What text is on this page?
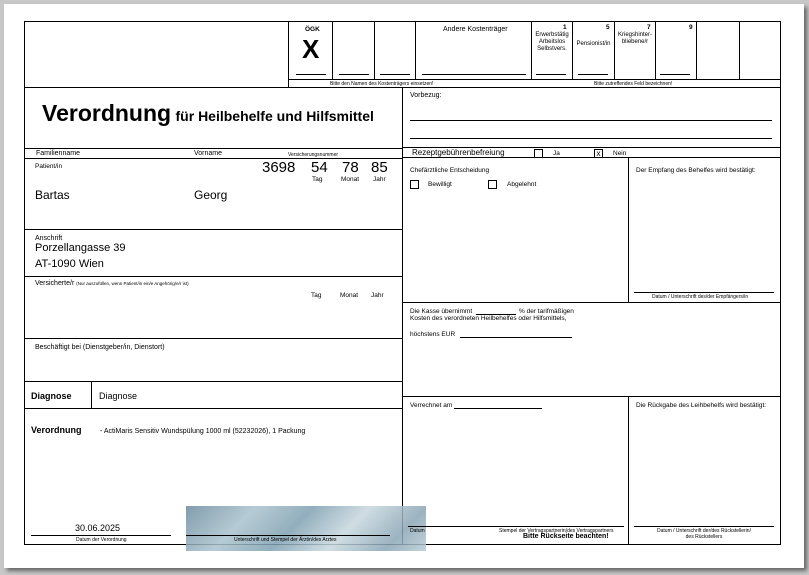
ÖGK
X
Andere Kostenträger	1
Erwerbstätig
Arbeitslos
Selbstvers.
5
Pensionist/in
7
Kriegshinter-
bliebene/r
9
Bitte den Namen des Kostenträgers einsetzen!	Bitte zutreffendes Feld bezeichnen!
Verordnung für Heilbehelfe und Hilfsmittel
Vorbezug:
Rezeptgebührenbefreiung	Ja	x	Nein
Familienname	Vorname	Versicherungsnummer
Patient/in	3698 54 78 85
Tag	Monat Jahr
Bartas	Georg
Anschrift
Porzellangasse 39
AT-1090 Wien
Versicherte/r (Nur auszufüllen, wenn Patient/in ein/e Angehörig/e/r ist)
Tag	Monat Jahr
Beschäftigt bei (Dienstgeber/in, Dienstort)
Diagnose	Diagnose
Verordnung	- ActiMaris Sensitiv Wundspülung 1000 ml (52232026), 1 Packung
30.06.2025
Datum der Verordnung	Unterschrift und Stempel der Ärztin/des Arztes
Chefärztliche Entscheidung
Bewilligt	Abgelehnt
Der Empfang des Behelfes wird bestätigt:
Datum / Unterschrift des/der Empfängers/in
Die Kasse übernimmt	% der tarifmäßigen
Kosten des verordneten Heilbehelfes oder Hilfsmittels,
höchstens EUR
Verrechnet am	Die Rückgabe des Leihbehelfs wird bestätigt:
Datum / Unterschrift der/des Rückstellerin/
des Rückstellers
Datum	Stempel der Vertragspartnerin/des Vertragspartners
Bitte Rückseite beachten!
